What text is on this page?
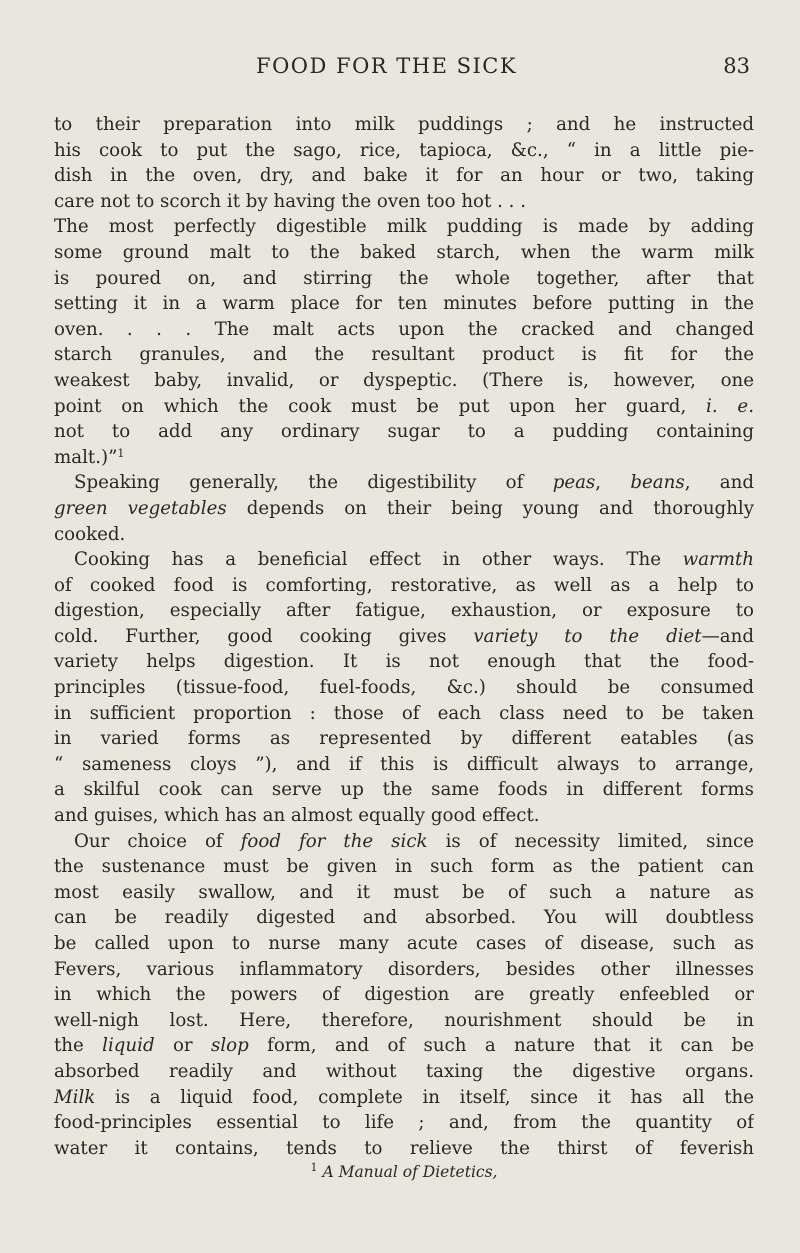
FOOD FOR THE SICK	83
to their preparation into milk puddings ; and he instructed
his cook to put the sago, rice, tapioca, &c., “ in a little pie-
dish in the oven, dry, and bake it for an hour or two, taking
care not to scorch it by having the oven too hot . . .
The most perfectly digestible milk pudding is made by adding
some ground malt to the baked starch, when the warm milk
is poured on, and stirring the whole together, after that
setting it in a warm place for ten minutes before putting in the
oven. . . . The malt acts upon the cracked and changed
starch granules, and the resultant product is fit for the
weakest baby, invalid, or dyspeptic. (There is, however, one
point on which the cook must be put upon her guard, i. e.
not to add any ordinary sugar to a pudding containing
malt.)”$^1$
Speaking generally, the digestibility of peas, beans, and
green vegetables depends on their being young and thoroughly
cooked.
Cooking has a beneficial effect in other ways. The warmth
of cooked food is comforting, restorative, as well as a help to
digestion, especially after fatigue, exhaustion, or exposure to
cold. Further, good cooking gives variety to the diet—and
variety helps digestion. It is not enough that the food-
principles (tissue-food, fuel-foods, &c.) should be consumed
in sufficient proportion : those of each class need to be taken
in varied forms as represented by different eatables (as
“ sameness cloys ”), and if this is difficult always to arrange,
a skilful cook can serve up the same foods in different forms
and guises, which has an almost equally good effect.
Our choice of food for the sick is of necessity limited, since
the sustenance must be given in such form as the patient can
most easily swallow, and it must be of such a nature as
can be readily digested and absorbed. You will doubtless
be called upon to nurse many acute cases of disease, such as
Fevers, various inflammatory disorders, besides other illnesses
in which the powers of digestion are greatly enfeebled or
well-nigh lost. Here, therefore, nourishment should be in
the liquid or slop form, and of such a nature that it can be
absorbed readily and without taxing the digestive organs.
Milk is a liquid food, complete in itself, since it has all the
food-principles essential to life ; and, from the quantity of
water it contains, tends to relieve the thirst of feverish
$^1$ A Manual of Dietetics,
